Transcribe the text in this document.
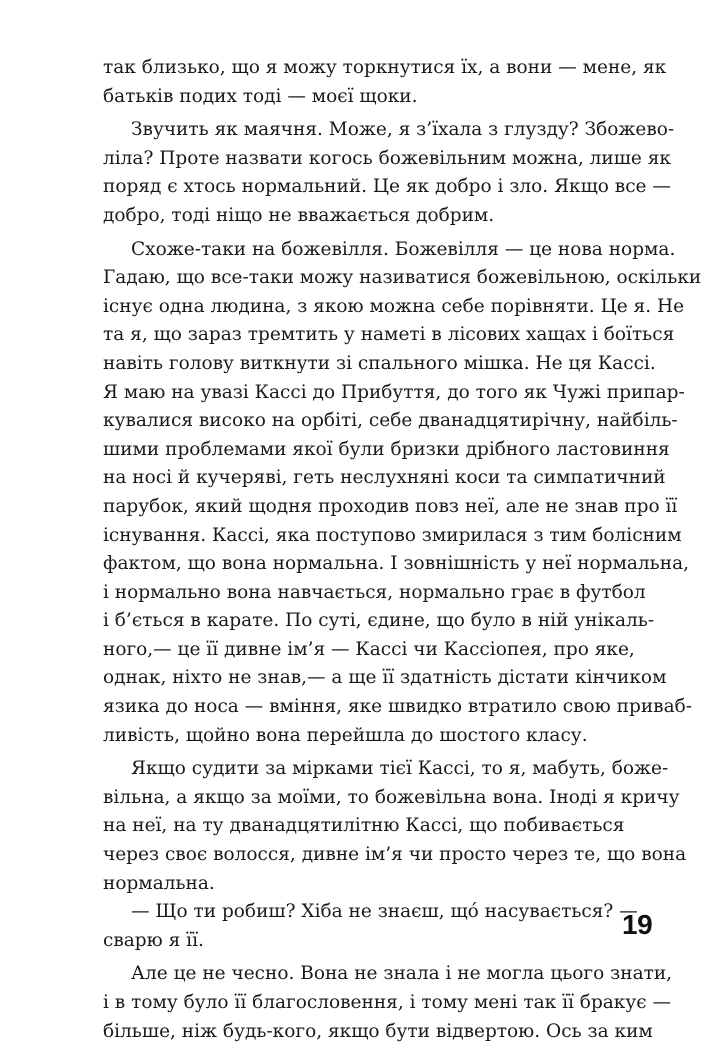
так близько, що я можу торкнутися їх, а вони — мене, як
батьків подих тоді — моєї щоки.
Звучить як маячня. Може, я з’їхала з глузду? Збожево-
ліла? Проте назвати когось божевільним можна, лише як
поряд є хтось нормальний. Це як добро і зло. Якщо все —
добро, тоді ніщо не вважається добрим.
Схоже-таки на божевілля. Божевілля — це нова норма.
Гадаю, що все-таки можу називатися божевільною, оскільки
існує одна людина, з якою можна себе порівняти. Це я. Не
та я, що зараз тремтить у наметі в лісових хащах і боїться
навіть голову виткнути зі спального мішка. Не ця Кассі.
Я маю на увазі Кассі до Прибуття, до того як Чужі припар-
кувалися високо на орбіті, себе дванадцятирічну, найбіль-
шими проблемами якої були бризки дрібного ластовиння
на носі й кучеряві, геть неслухняні коси та симпатичний
парубок, який щодня проходив повз неї, але не знав про її
існування. Кассі, яка поступово змирилася з тим болісним
фактом, що вона нормальна. І зовнішність у неї нормальна,
і нормально вона навчається, нормально грає в футбол
і б’ється в карате. По суті, єдине, що було в ній унікаль-
ного,— це її дивне ім’я — Кассі чи Кассіопея, про яке,
однак, ніхто не знав,— а ще її здатність дістати кінчиком
язика до носа — вміння, яке швидко втратило свою приваб-
ливість, щойно вона перейшла до шостого класу.
Якщо судити за мірками тієї Кассі, то я, мабуть, боже-
вільна, а якщо за моїми, то божевільна вона. Іноді я кричу
на неї, на ту дванадцятилітню Кассі, що побивається
через своє волосся, дивне ім’я чи просто через те, що вона
нормальна.
— Що ти робиш? Хіба не знаєш, що́ насувається? —
сварю я її.
Але це не чесно. Вона не знала і не могла цього знати,
і в тому було її благословення, і тому мені так її бракує —
більше, ніж будь-кого, якщо бути відвертою. Ось за ким
19
